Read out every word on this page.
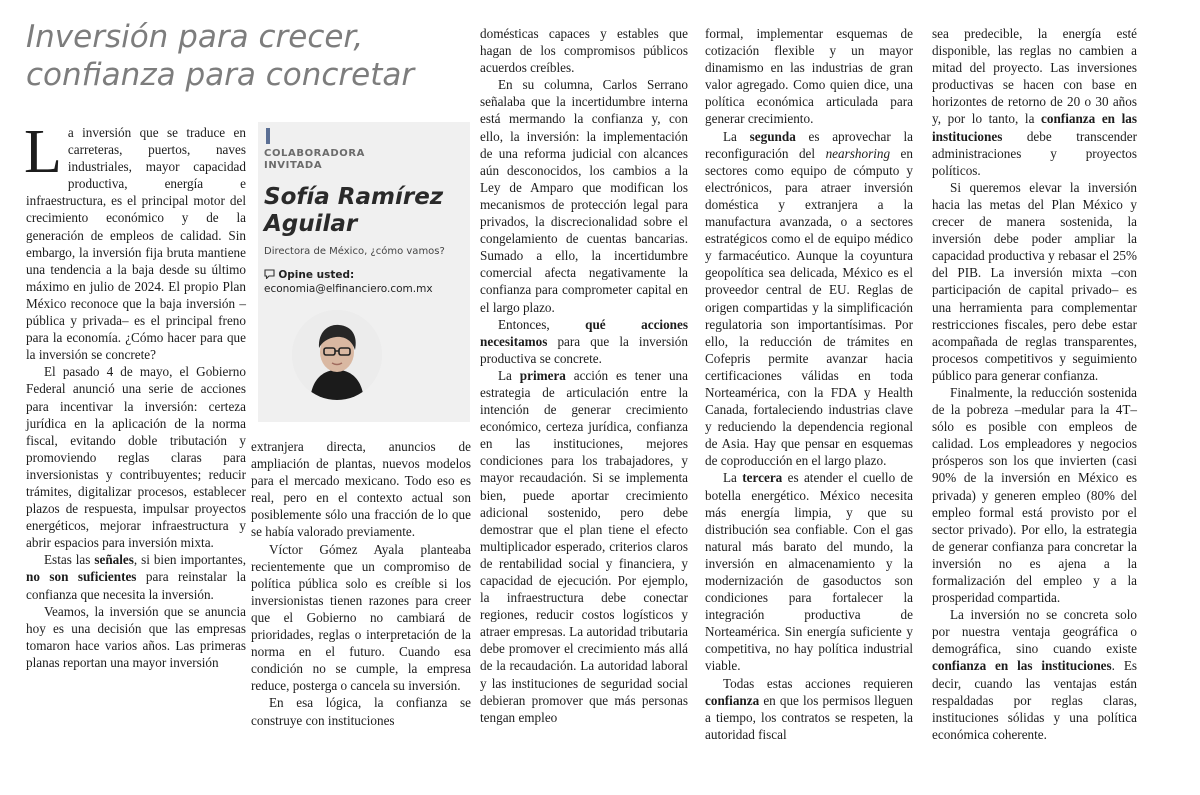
Inversión para crecer,
confianza para concretar

La inversión que se traduce en carreteras, puertos, naves industriales, mayor capacidad productiva, energía e infraestructura, es el principal motor del crecimiento económico y de la generación de empleos de calidad. Sin embargo, la inversión fija bruta mantiene una tendencia a la baja desde su último máximo en julio de 2024. El propio Plan México reconoce que la baja inversión –pública y privada– es el principal freno para la economía. ¿Cómo hacer para que la inversión se concrete?

El pasado 4 de mayo, el Gobierno Federal anunció una serie de acciones para incentivar la inversión: certeza jurídica en la aplicación de la norma fiscal, evitando doble tributación y promoviendo reglas claras para inversionistas y contribuyentes; reducir trámites, digitalizar procesos, establecer plazos de respuesta, impulsar proyectos energéticos, mejorar infraestructura y abrir espacios para inversión mixta.

Estas las señales, si bien importantes, no son suficientes para reinstalar la confianza que necesita la inversión.

Veamos, la inversión que se anuncia hoy es una decisión que las empresas tomaron hace varios años. Las primeras planas reportan una mayor inversión

COLABORADORA
INVITADA
Sofía Ramírez
Aguilar
Directora de México, ¿cómo vamos?
Opine usted:
economia@elfinanciero.com.mx

extranjera directa, anuncios de ampliación de plantas, nuevos modelos para el mercado mexicano. Todo eso es real, pero en el contexto actual son posiblemente sólo una fracción de lo que se había valorado previamente.

Víctor Gómez Ayala planteaba recientemente que un compromiso de política pública solo es creíble si los inversionistas tienen razones para creer que el Gobierno no cambiará de prioridades, reglas o interpretación de la norma en el futuro. Cuando esa condición no se cumple, la empresa reduce, posterga o cancela su inversión.

En esa lógica, la confianza se construye con instituciones

domésticas capaces y estables que hagan de los compromisos públicos acuerdos creíbles.

En su columna, Carlos Serrano señalaba que la incertidumbre interna está mermando la confianza y, con ello, la inversión: la implementación de una reforma judicial con alcances aún desconocidos, los cambios a la Ley de Amparo que modifican los mecanismos de protección legal para privados, la discrecionalidad sobre el congelamiento de cuentas bancarias. Sumado a ello, la incertidumbre comercial afecta negativamente la confianza para comprometer capital en el largo plazo.

Entonces, qué acciones necesitamos para que la inversión productiva se concrete.

La primera acción es tener una estrategia de articulación entre la intención de generar crecimiento económico, certeza jurídica, confianza en las instituciones, mejores condiciones para los trabajadores, y mayor recaudación. Si se implementa bien, puede aportar crecimiento adicional sostenido, pero debe demostrar que el plan tiene el efecto multiplicador esperado, criterios claros de rentabilidad social y financiera, y capacidad de ejecución. Por ejemplo, la infraestructura debe conectar regiones, reducir costos logísticos y atraer empresas. La autoridad tributaria debe promover el crecimiento más allá de la recaudación. La autoridad laboral y las instituciones de seguridad social debieran promover que más personas tengan empleo

formal, implementar esquemas de cotización flexible y un mayor dinamismo en las industrias de gran valor agregado. Como quien dice, una política económica articulada para generar crecimiento.

La segunda es aprovechar la reconfiguración del nearshoring en sectores como equipo de cómputo y electrónicos, para atraer inversión doméstica y extranjera a la manufactura avanzada, o a sectores estratégicos como el de equipo médico y farmacéutico. Aunque la coyuntura geopolítica sea delicada, México es el proveedor central de EU. Reglas de origen compartidas y la simplificación regulatoria son importantísimas. Por ello, la reducción de trámites en Cofepris permite avanzar hacia certificaciones válidas en toda Norteamérica, con la FDA y Health Canada, fortaleciendo industrias clave y reduciendo la dependencia regional de Asia. Hay que pensar en esquemas de coproducción en el largo plazo.

La tercera es atender el cuello de botella energético. México necesita más energía limpia, y que su distribución sea confiable. Con el gas natural más barato del mundo, la inversión en almacenamiento y la modernización de gasoductos son condiciones para fortalecer la integración productiva de Norteamérica. Sin energía suficiente y competitiva, no hay política industrial viable.

Todas estas acciones requieren confianza en que los permisos lleguen a tiempo, los contratos se respeten, la autoridad fiscal

sea predecible, la energía esté disponible, las reglas no cambien a mitad del proyecto. Las inversiones productivas se hacen con base en horizontes de retorno de 20 o 30 años y, por lo tanto, la confianza en las instituciones debe transcender administraciones y proyectos políticos.

Si queremos elevar la inversión hacia las metas del Plan México y crecer de manera sostenida, la inversión debe poder ampliar la capacidad productiva y rebasar el 25% del PIB. La inversión mixta –con participación de capital privado– es una herramienta para complementar restricciones fiscales, pero debe estar acompañada de reglas transparentes, procesos competitivos y seguimiento público para generar confianza.

Finalmente, la reducción sostenida de la pobreza –medular para la 4T– sólo es posible con empleos de calidad. Los empleadores y negocios prósperos son los que invierten (casi 90% de la inversión en México es privada) y generen empleo (80% del empleo formal está provisto por el sector privado). Por ello, la estrategia de generar confianza para concretar la inversión no es ajena a la formalización del empleo y a la prosperidad compartida.

La inversión no se concreta solo por nuestra ventaja geográfica o demográfica, sino cuando existe confianza en las instituciones. Es decir, cuando las ventajas están respaldadas por reglas claras, instituciones sólidas y una política económica coherente.
